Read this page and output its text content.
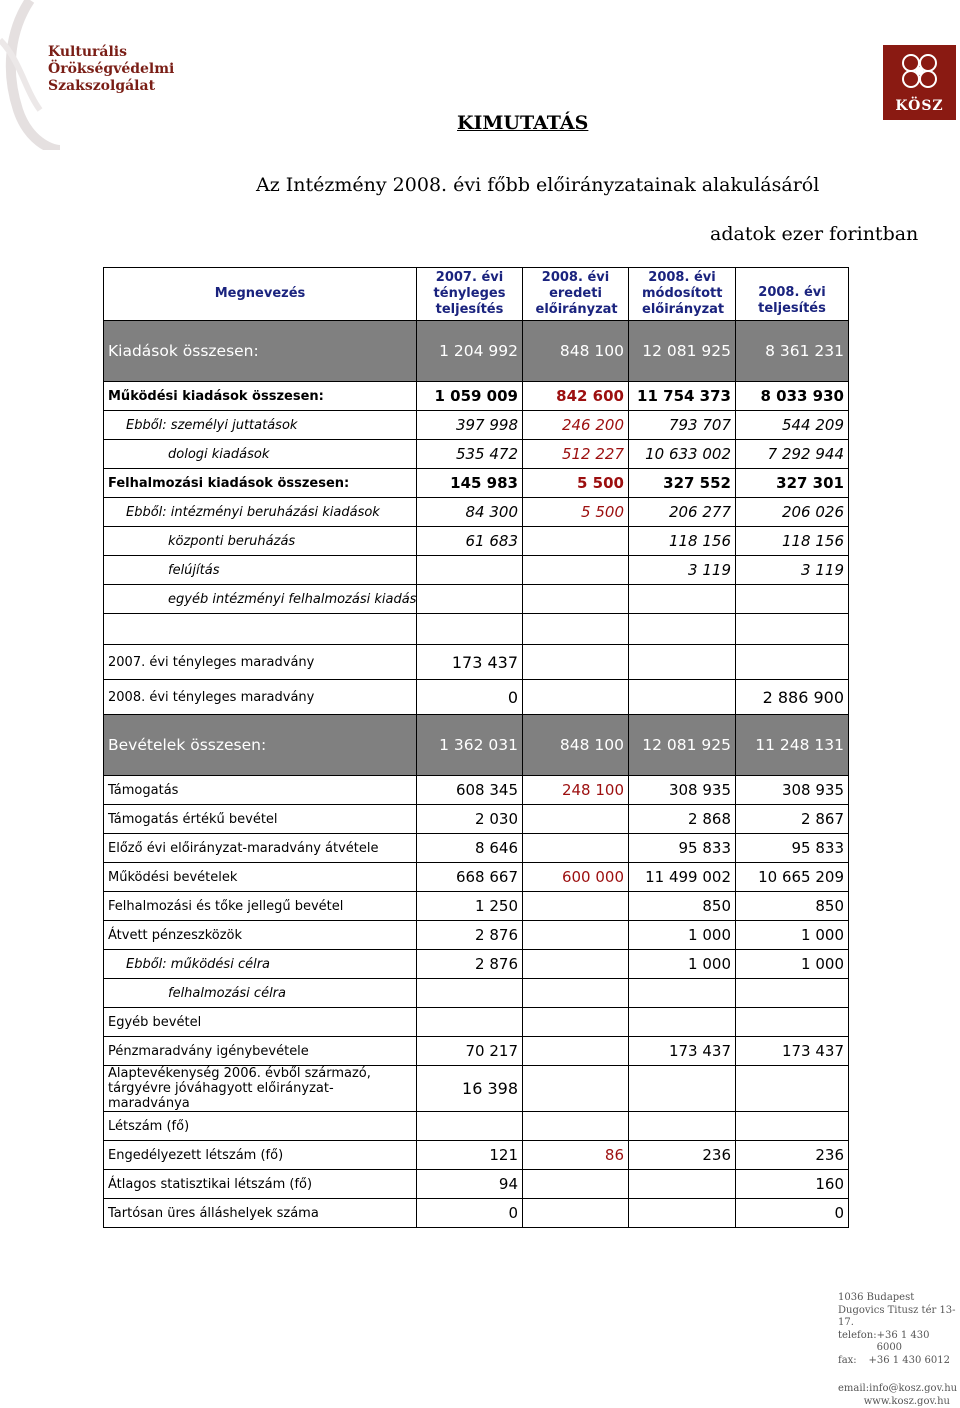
Kulturális
Örökségvédelmi
Szakszolgálat
KÖSZ
KIMUTATÁS
Az Intézmény 2008. évi főbb előirányzatainak alakulásáról
adatok ezer forintban
Megnevezés	2007. évi tényleges teljesítés	2008. évi eredeti előirányzat	2008. évi módosított előirányzat	2008. évi teljesítés
Kiadások összesen:	1 204 992	848 100	12 081 925	8 361 231
Működési kiadások összesen:	1 059 009	842 600	11 754 373	8 033 930
Ebből: személyi juttatások	397 998	246 200	793 707	544 209
dologi kiadások	535 472	512 227	10 633 002	7 292 944
Felhalmozási kiadások összesen:	145 983	5 500	327 552	327 301
Ebből: intézményi beruházási kiadások	84 300	5 500	206 277	206 026
központi beruházás	61 683		118 156	118 156
felújítás			3 119	3 119
egyéb intézményi felhalmozási kiadás				

2007. évi tényleges maradvány	173 437			
2008. évi tényleges maradvány	0			2 886 900
Bevételek összesen:	1 362 031	848 100	12 081 925	11 248 131
Támogatás	608 345	248 100	308 935	308 935
Támogatás értékű bevétel	2 030		2 868	2 867
Előző évi előirányzat-maradvány átvétele	8 646		95 833	95 833
Működési bevételek	668 667	600 000	11 499 002	10 665 209
Felhalmozási és tőke jellegű bevétel	1 250		850	850
Átvett pénzeszközök	2 876		1 000	1 000
Ebből: működési célra	2 876		1 000	1 000
felhalmozási célra				
Egyéb bevétel				
Pénzmaradvány igénybevétele	70 217		173 437	173 437
Alaptevékenység 2006. évből származó, tárgyévre jóváhagyott előirányzat-maradványa	16 398			
Létszám (fő)				
Engedélyezett létszám (fő)	121	86	236	236
Átlagos statisztikai létszám (fő)	94			160
Tartósan üres álláshelyek száma	0			0
1036 Budapest
Dugovics Titusz tér 13-17.
telefon: +36 1 430 6000
fax: +36 1 430 6012
email: info@kosz.gov.hu
www.kosz.gov.hu
